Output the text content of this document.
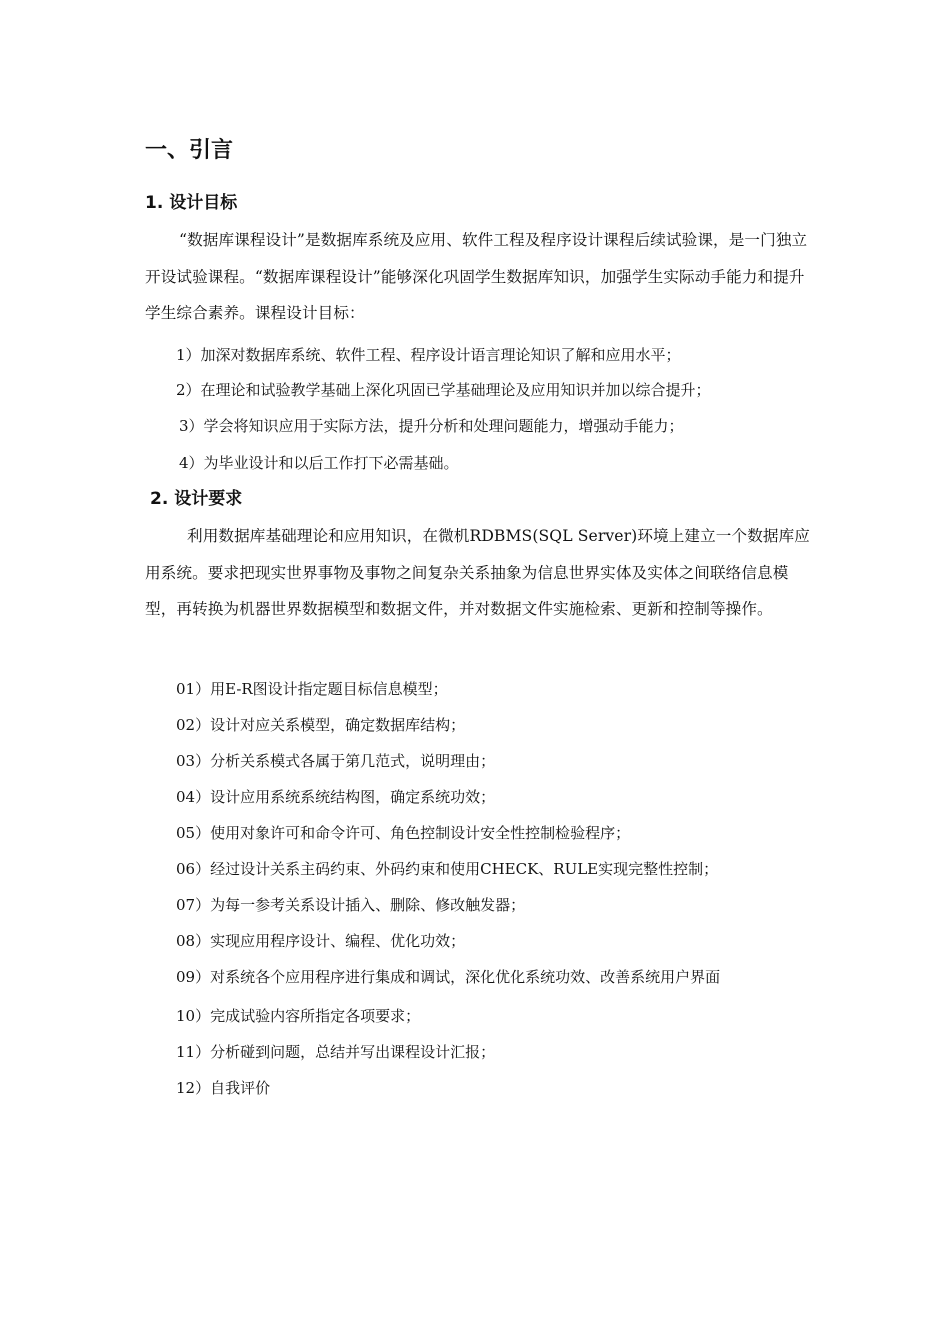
一、引言
1. 设计目标
“数据库课程设计”是数据库系统及应用、软件工程及程序设计课程后续试验课，是一门独立开设试验课程。“数据库课程设计”能够深化巩固学生数据库知识，加强学生实际动手能力和提升学生综合素养。课程设计目标：
1）加深对数据库系统、软件工程、程序设计语言理论知识了解和应用水平；
2）在理论和试验教学基础上深化巩固已学基础理论及应用知识并加以综合提升；
3）学会将知识应用于实际方法，提升分析和处理问题能力，增强动手能力；
4）为毕业设计和以后工作打下必需基础。
2. 设计要求
利用数据库基础理论和应用知识，在微机RDBMS(SQL Server)环境上建立一个数据库应用系统。要求把现实世界事物及事物之间复杂关系抽象为信息世界实体及实体之间联络信息模型，再转换为机器世界数据模型和数据文件，并对数据文件实施检索、更新和控制等操作。
01）用E-R图设计指定题目标信息模型；
02）设计对应关系模型，确定数据库结构；
03）分析关系模式各属于第几范式，说明理由；
04）设计应用系统系统结构图，确定系统功效；
05）使用对象许可和命令许可、角色控制设计安全性控制检验程序；
06）经过设计关系主码约束、外码约束和使用CHECK、RULE实现完整性控制；
07）为每一参考关系设计插入、删除、修改触发器；
08）实现应用程序设计、编程、优化功效；
09）对系统各个应用程序进行集成和调试，深化优化系统功效、改善系统用户界面
10）完成试验内容所指定各项要求；
11）分析碰到问题，总结并写出课程设计汇报；
12）自我评价
